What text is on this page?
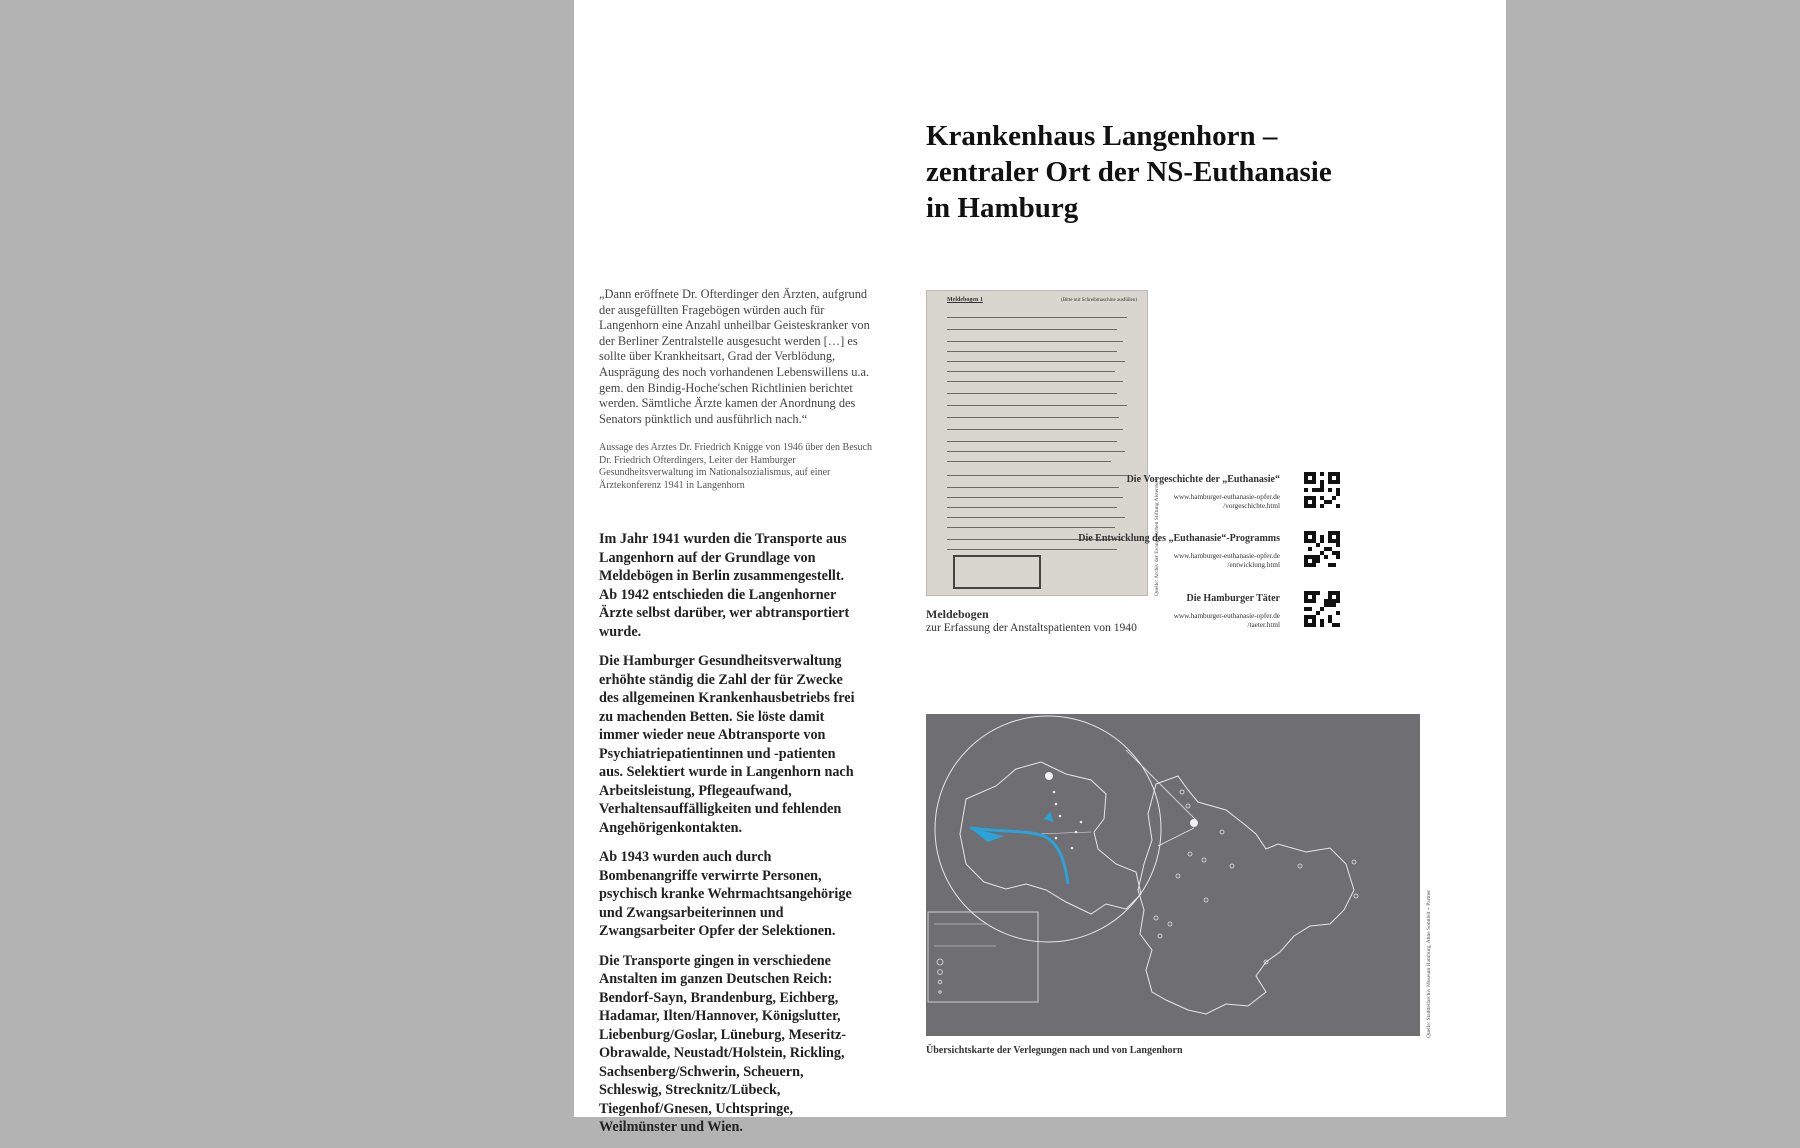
Krankenhaus Langenhorn –
zentraler Ort der NS-Euthanasie
in Hamburg

„Dann eröffnete Dr. Ofterdinger den Ärzten, aufgrund der ausgefüllten Fragebögen würden auch für Langenhorn eine Anzahl unheilbar Geisteskranker von der Berliner Zentralstelle ausgesucht werden […] es sollte über Krankheitsart, Grad der Verblödung, Ausprägung des noch vorhandenen Lebenswillens u.a. gem. den Bindig-Hoche'schen Richtlinien berichtet werden. Sämtliche Ärzte kamen der Anordnung des Senators pünktlich und ausführlich nach.“

Aussage des Arztes Dr. Friedrich Knigge von 1946 über den Besuch Dr. Friedrich Ofterdingers, Leiter der Hamburger Gesundheitsverwaltung im Nationalsozialismus, auf einer Ärztekonferenz 1941 in Langenhorn

Im Jahr 1941 wurden die Transporte aus Langenhorn auf der Grundlage von Meldebögen in Berlin zusammengestellt. Ab 1942 entschieden die Langenhorner Ärzte selbst darüber, wer abtransportiert wurde.

Die Hamburger Gesundheitsverwaltung erhöhte ständig die Zahl der für Zwecke des allgemeinen Krankenhausbetriebs frei zu machenden Betten. Sie löste damit immer wieder neue Abtransporte von Psychiatriepatientinnen und -patienten aus. Selektiert wurde in Langenhorn nach Arbeitsleistung, Pflegeaufwand, Verhaltensauffälligkeiten und fehlenden Angehörigenkontakten.

Ab 1943 wurden auch durch Bombenangriffe verwirrte Personen, psychisch kranke Wehrmachtsangehörige und Zwangsarbeiterinnen und Zwangsarbeiter Opfer der Selektionen.

Die Transporte gingen in verschiedene Anstalten im ganzen Deutschen Reich: Bendorf-Sayn, Brandenburg, Eichberg, Hadamar, Ilten/Hannover, Königslutter, Liebenburg/Goslar, Lüneburg, Meseritz-Obrawalde, Neustadt/Holstein, Rickling, Sachsenberg/Schwerin, Scheuern, Schleswig, Strecknitz/Lübeck, Tiegenhof/Gnesen, Uchtspringe, Weilmünster und Wien.

Meldebogen 1	(Bitte mit Schreibmaschine ausfüllen)
Quelle: Archiv der Evangelischen Stiftung Alsterdorf

Meldebogen

zur Erfassung der Anstaltspatienten von 1940

Die Vorgeschichte der „Euthanasie“
www.hamburger-euthanasie-opfer.de
/vorgeschichte.html
Die Entwicklung des „Euthanasie“-Programms
www.hamburger-euthanasie-opfer.de
/entwicklung.html
Die Hamburger Täter
www.hamburger-euthanasie-opfer.de
/taeter.html
Quelle: Stadtteilarchiv Museum Hamburg, Ahne Sonnleit + Partner

Übersichtskarte der Verlegungen nach und von Langenhorn
